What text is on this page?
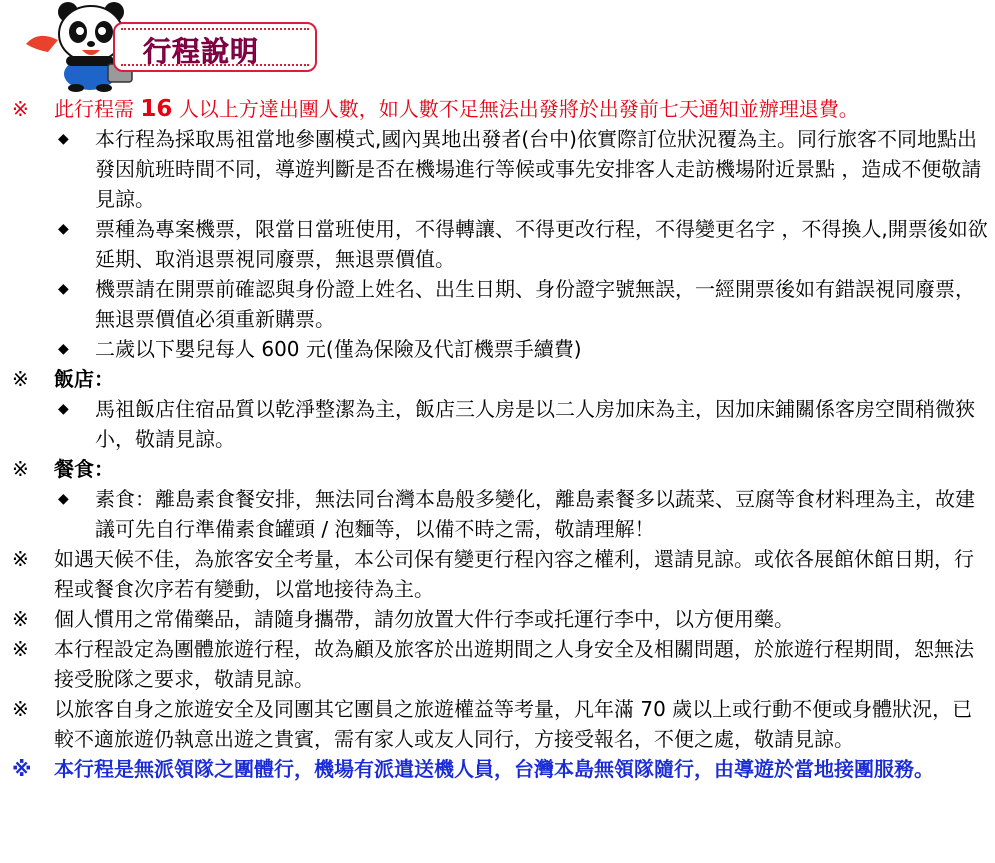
行程說明
※	此行程需 16 人以上方達出團人數，如人數不足無法出發將於出發前七天通知並辦理退費。
◆ 本行程為採取馬祖當地參團模式,國內異地出發者(台中)依實際訂位狀況覆為主。同行旅客不同地點出發因航班時間不同，導遊判斷是否在機場進行等候或事先安排客人走訪機場附近景點 ，造成不便敬請見諒。
◆ 票種為專案機票，限當日當班使用，不得轉讓、不得更改行程，不得變更名字 ，不得換人,開票後如欲延期、取消退票視同廢票，無退票價值。
◆ 機票請在開票前確認與身份證上姓名、出生日期、身份證字號無誤，一經開票後如有錯誤視同廢票，無退票價值必須重新購票。
◆ 二歲以下嬰兒每人 600 元(僅為保險及代訂機票手續費)
※	飯店：
◆ 馬祖飯店住宿品質以乾淨整潔為主，飯店三人房是以二人房加床為主，因加床鋪關係客房空間稍微狹小，敬請見諒。
※	餐食：
◆ 素食：離島素食餐安排，無法同台灣本島般多變化，離島素餐多以蔬菜、豆腐等食材料理為主，故建議可先自行準備素食罐頭 / 泡麵等，以備不時之需，敬請理解！
※	如遇天候不佳，為旅客安全考量，本公司保有變更行程內容之權利，還請見諒。或依各展館休館日期，行程或餐食次序若有變動，以當地接待為主。
※	個人慣用之常備藥品，請隨身攜帶，請勿放置大件行李或托運行李中，以方便用藥。
※	本行程設定為團體旅遊行程，故為顧及旅客於出遊期間之人身安全及相關問題，於旅遊行程期間，恕無法接受脫隊之要求，敬請見諒。
※	以旅客自身之旅遊安全及同團其它團員之旅遊權益等考量，凡年滿 70 歲以上或行動不便或身體狀況，已較不適旅遊仍執意出遊之貴賓，需有家人或友人同行，方接受報名，不便之處，敬請見諒。
※	本行程是無派領隊之團體行，機場有派遣送機人員，台灣本島無領隊隨行，由導遊於當地接團服務。
